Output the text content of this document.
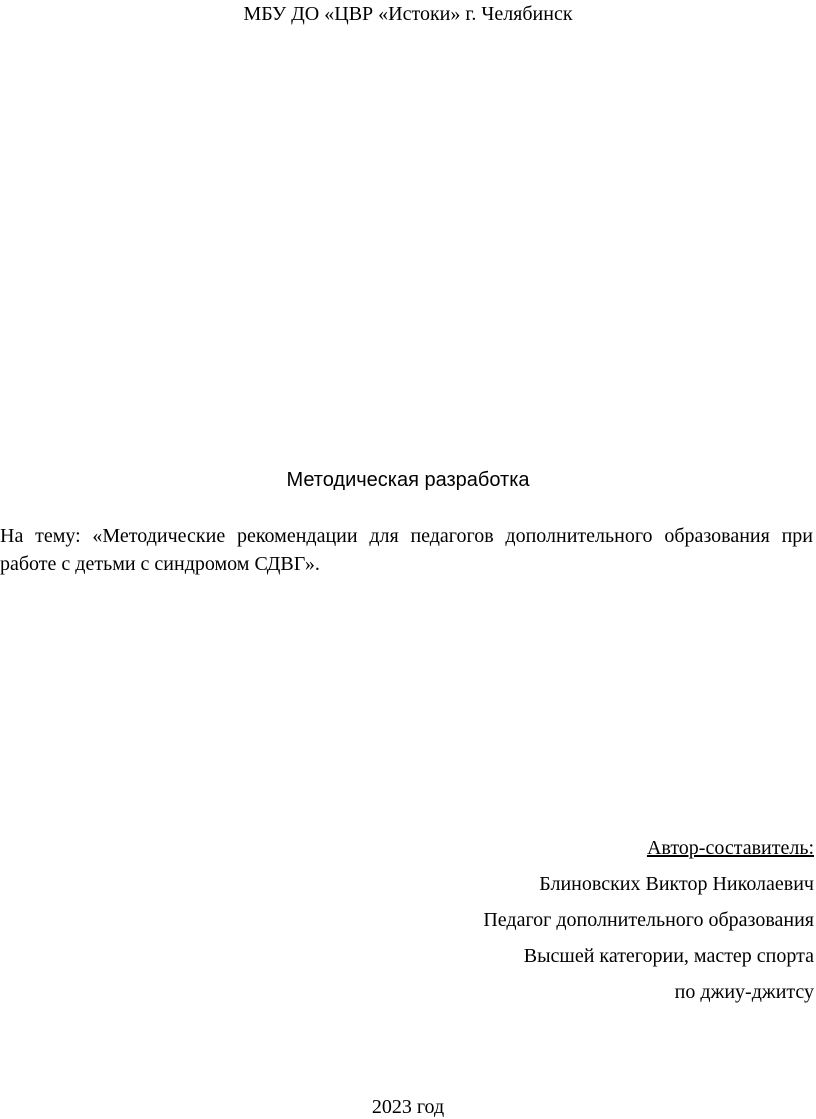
МБУ ДО «ЦВР «Истоки» г. Челябинск
Методическая разработка
На тему: «Методические рекомендации для педагогов дополнительного образования при
работе с детьми с синдромом СДВГ».
Автор-составитель:
Блиновских Виктор Николаевич
Педагог дополнительного образования
Высшей категории, мастер спорта
по джиу-джитсу
2023 год
